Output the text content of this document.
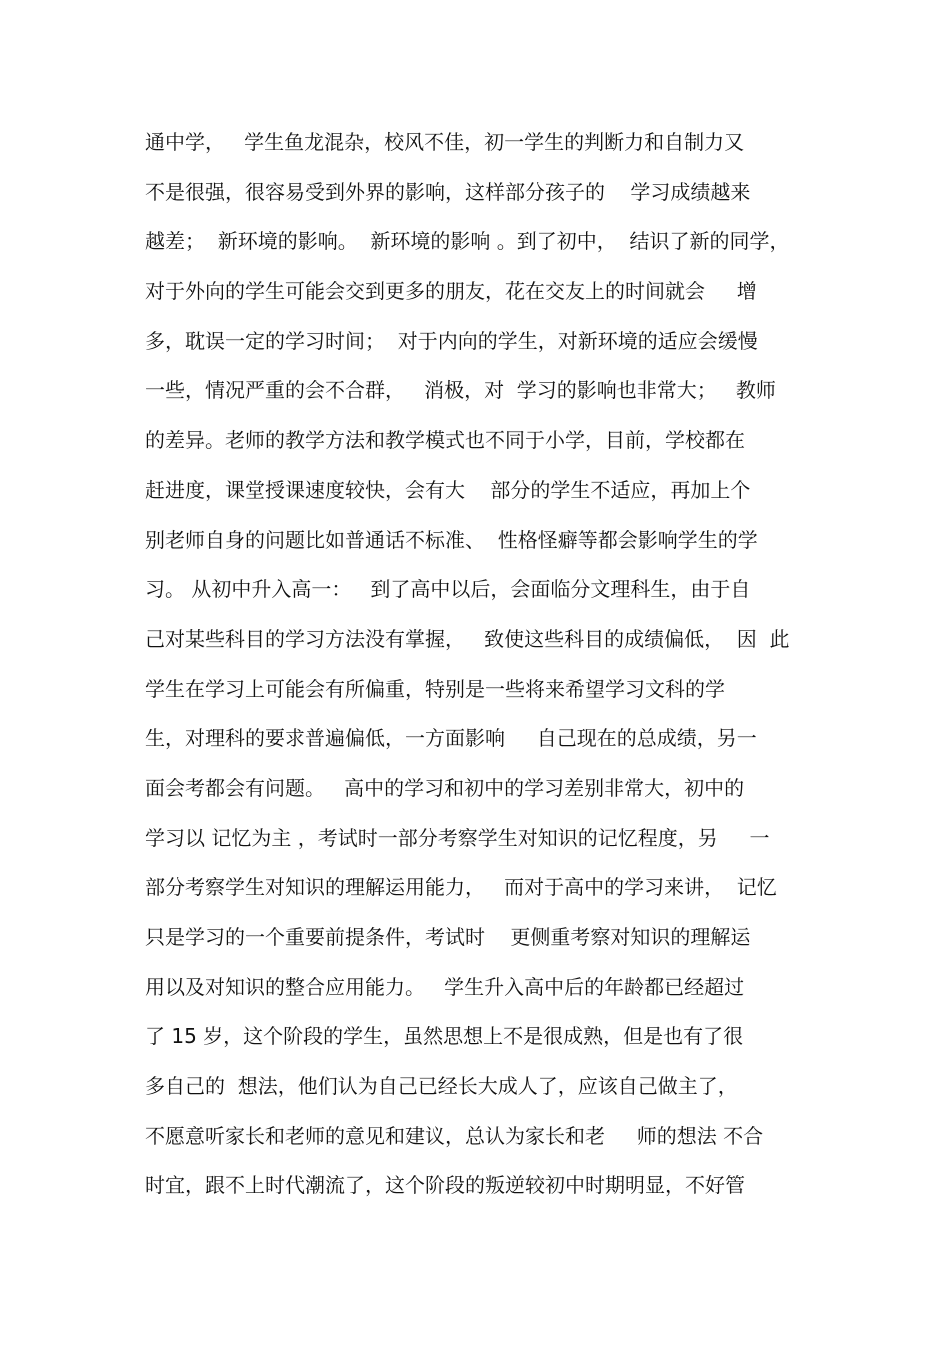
通中学，   学生鱼龙混杂，校风不佳，初一学生的判断力和自制力又
不是很强，很容易受到外界的影响，这样部分孩子的    学习成绩越来
越差；  新环境的影响。  新环境的影响 。到了初中，  结识了新的同学，
对于外向的学生可能会交到更多的朋友，花在交友上的时间就会     增
多，耽误一定的学习时间；  对于内向的学生，对新环境的适应会缓慢
一些，情况严重的会不合群，   消极，对  学习的影响也非常大；   教师
的差异。老师的教学方法和教学模式也不同于小学，目前，学校都在
赶进度，课堂授课速度较快，会有大    部分的学生不适应，再加上个
别老师自身的问题比如普通话不标准、  性格怪癖等都会影响学生的学
习。 从初中升入高一：   到了高中以后，会面临分文理科生，由于自
己对某些科目的学习方法没有掌握，   致使这些科目的成绩偏低，  因  此
学生在学习上可能会有所偏重，特别是一些将来希望学习文科的学
生，对理科的要求普遍偏低，一方面影响     自己现在的总成绩，另一
面会考都会有问题。   高中的学习和初中的学习差别非常大，初中的
学习以 记忆为主 ，考试时一部分考察学生对知识的记忆程度，另     一
部分考察学生对知识的理解运用能力，   而对于高中的学习来讲，  记忆
只是学习的一个重要前提条件，考试时    更侧重考察对知识的理解运
用以及对知识的整合应用能力。   学生升入高中后的年龄都已经超过
了 15 岁，这个阶段的学生，虽然思想上不是很成熟，但是也有了很
多自己的  想法，他们认为自己已经长大成人了，应该自己做主了，
不愿意听家长和老师的意见和建议，总认为家长和老     师的想法 不合
时宜，跟不上时代潮流了，这个阶段的叛逆较初中时期明显，不好管
